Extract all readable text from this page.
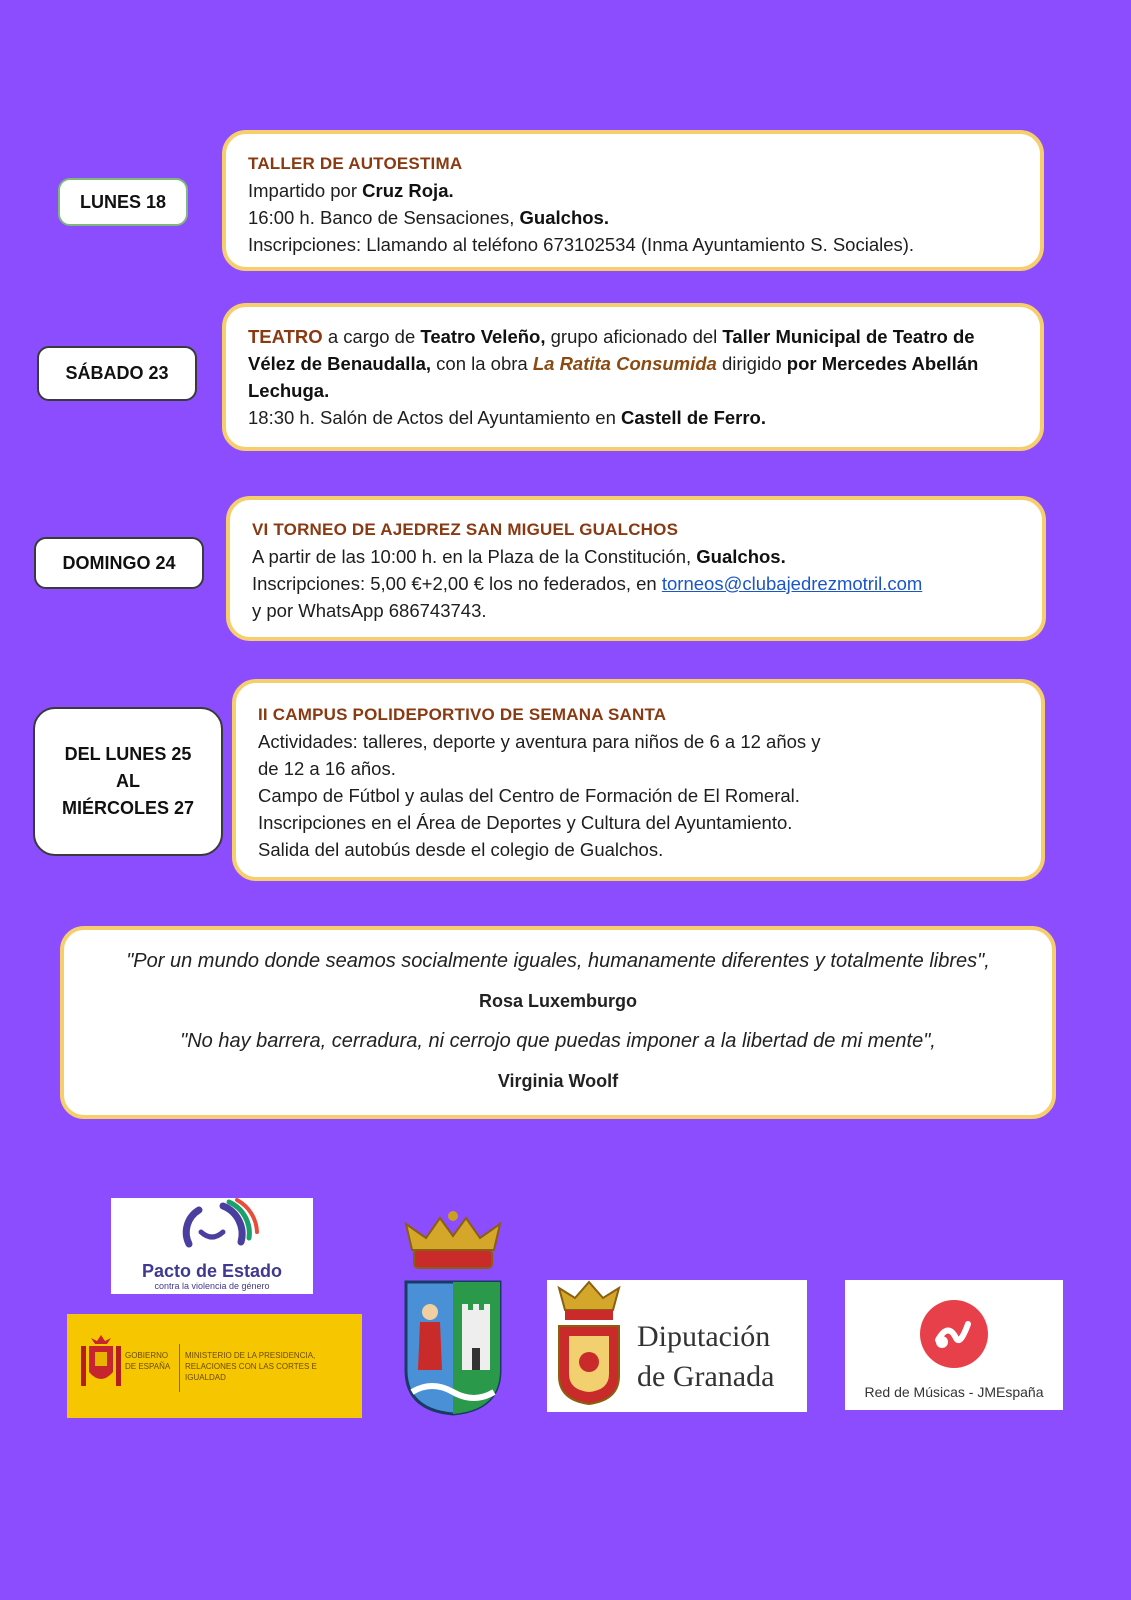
LUNES 18
TALLER DE AUTOESTIMA
Impartido por Cruz Roja.
16:00 h. Banco de Sensaciones, Gualchos.
Inscripciones: Llamando al teléfono 673102534 (Inma Ayuntamiento S. Sociales).
SÁBADO 23
TEATRO a cargo de Teatro Veleño, grupo aficionado del Taller Municipal de Teatro de Vélez de Benaudalla, con la obra La Ratita Consumida dirigido por Mercedes Abellán Lechuga.
18:30 h. Salón de Actos del Ayuntamiento en Castell de Ferro.
DOMINGO 24
VI TORNEO DE AJEDREZ SAN MIGUEL GUALCHOS
A partir de las 10:00 h. en la Plaza de la Constitución, Gualchos.
Inscripciones: 5,00 €+2,00 € los no federados, en torneos@clubajedrezmotril.com
y por WhatsApp 686743743.
DEL LUNES 25
AL
MIÉRCOLES 27
II CAMPUS POLIDEPORTIVO DE SEMANA SANTA
Actividades: talleres, deporte y aventura para niños de 6 a 12 años y
de 12 a 16 años.
Campo de Fútbol y aulas del Centro de Formación de El Romeral.
Inscripciones en el Área de Deportes y Cultura del Ayuntamiento.
Salida del autobús desde el colegio de Gualchos.
"Por un mundo donde seamos socialmente iguales, humanamente diferentes y totalmente libres",
Rosa Luxemburgo
"No hay barrera, cerradura, ni cerrojo que puedas imponer a la libertad de mi mente",
Virginia Woolf
Pacto de Estado
contra la violencia de género
GOBIERNO DE ESPAÑA
MINISTERIO DE LA PRESIDENCIA, RELACIONES CON LAS CORTES E IGUALDAD
Diputación
de Granada	Red de Músicas - JMEspaña
